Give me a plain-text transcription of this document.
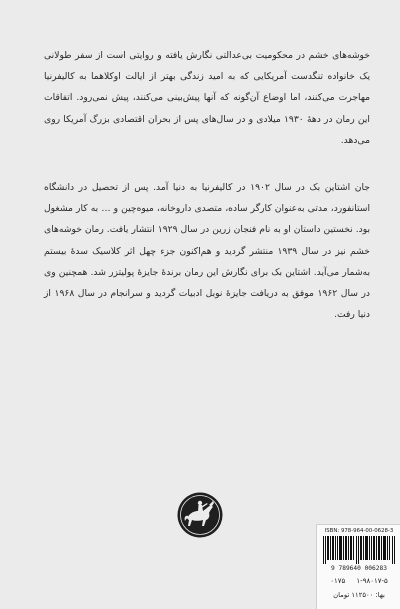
خوشه‌های خشم در محکومیت بی‌عدالتی نگارش یافته و روایتی است از سفر طولانی یک خانواده تنگدست آمریکایی که به امید زندگی بهتر از ایالت اوکلاهما به کالیفرنیا مهاجرت می‌کنند، اما اوضاع آن‌گونه که آنها پیش‌بینی می‌کنند، پیش نمی‌رود. اتفاقات این رمان در دهۀ ۱۹۳۰ میلادی و در سال‌های پس از بحران اقتصادی بزرگ آمریکا روی می‌دهد.
جان اشتاین بک در سال ۱۹۰۲ در کالیفرنیا به دنیا آمد. پس از تحصیل در دانشگاه استانفورد، مدتی به‌عنوان کارگر ساده، متصدی داروخانه، میوه‌چین و … به کار مشغول بود. نخستین داستان او به نام فنجان زرین در سال ۱۹۲۹ انتشار یافت. رمان خوشه‌های خشم نیز در سال ۱۹۳۹ منتشر گردید و هم‌اکنون جزء چهل اثر کلاسیک سدۀ بیستم به‌شمار می‌آید. اشتاین بک برای نگارش این رمان برندۀ جایزۀ پولیتزر شد. همچنین وی در سال ۱۹۶۲ موفق به دریافت جایزۀ نوبل ادبیات گردید و سرانجام در سال ۱۹۶۸ از دنیا رفت.
ISBN: 978-964-00-0628-3
9 789640 006283
۱-۹۸۰۱۷-۵     ۰۱۷۵
بها: ۱۱۲۵۰۰ تومان
